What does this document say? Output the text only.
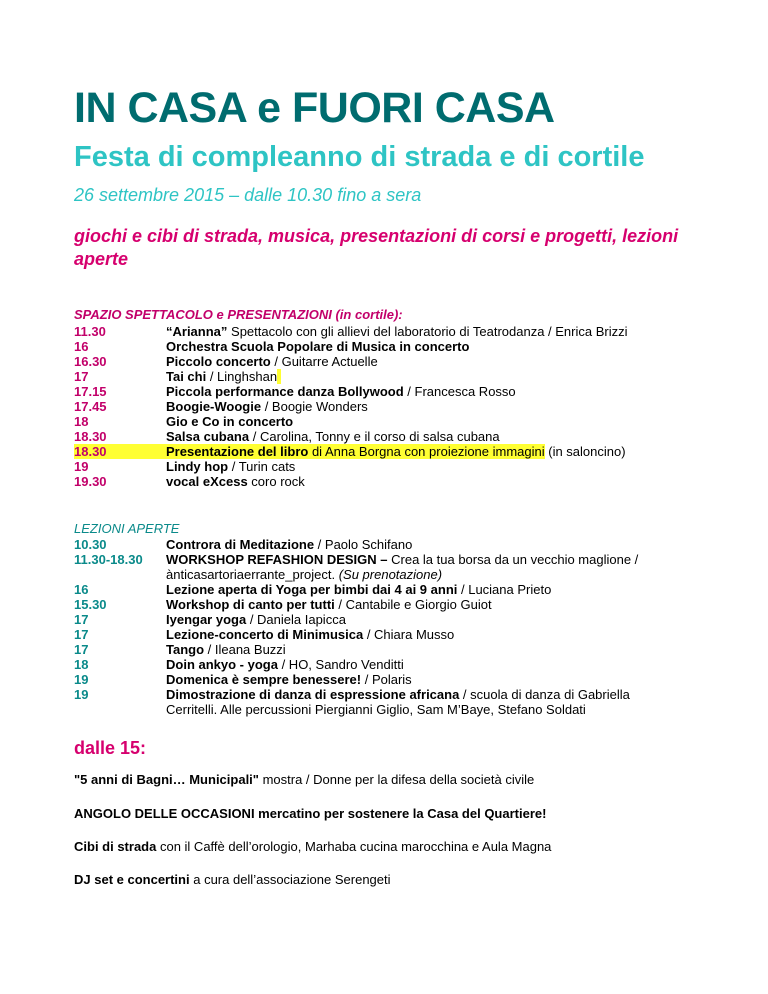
IN CASA e FUORI CASA
Festa di compleanno di strada e di cortile
26 settembre 2015 – dalle 10.30 fino a sera
giochi e cibi di strada, musica, presentazioni di corsi e progetti, lezioni aperte
SPAZIO SPETTACOLO e PRESENTAZIONI (in cortile):
11.30	“Arianna” Spettacolo con gli allievi del laboratorio di Teatrodanza / Enrica Brizzi
16	Orchestra Scuola Popolare di Musica in concerto
16.30	Piccolo concerto / Guitarre Actuelle
17	Tai chi / Linghshan
17.15	Piccola performance danza Bollywood / Francesca Rosso
17.45	Boogie-Woogie / Boogie Wonders
18	Gio e Co in concerto
18.30	Salsa cubana / Carolina, Tonny e il corso di salsa cubana
18.30	Presentazione del libro di Anna Borgna con proiezione immagini (in saloncino)
19	Lindy hop / Turin cats
19.30	vocal eXcess coro rock
LEZIONI APERTE
10.30	Controra di Meditazione / Paolo Schifano
11.30-18.30	WORKSHOP REFASHION DESIGN – Crea la tua borsa da un vecchio maglione /
ànticasartoriaerrante_project. (Su prenotazione)
16	Lezione aperta di Yoga per bimbi dai 4 ai 9 anni / Luciana Prieto
15.30	Workshop di canto per tutti / Cantabile e Giorgio Guiot
17	Iyengar yoga / Daniela Iapicca
17	Lezione-concerto di Minimusica / Chiara Musso
17	Tango / Ileana Buzzi
18	Doin ankyo - yoga / HO, Sandro Venditti
19	Domenica è sempre benessere! / Polaris
19	Dimostrazione di danza di espressione africana / scuola di danza di Gabriella
Cerritelli. Alle percussioni Piergianni Giglio, Sam M’Baye, Stefano Soldati
dalle 15:
"5 anni di Bagni… Municipali" mostra / Donne per la difesa della società civile
ANGOLO DELLE OCCASIONI mercatino per sostenere la Casa del Quartiere!
Cibi di strada con il Caffè dell’orologio, Marhaba cucina marocchina e Aula Magna
DJ set e concertini a cura dell’associazione Serengeti
